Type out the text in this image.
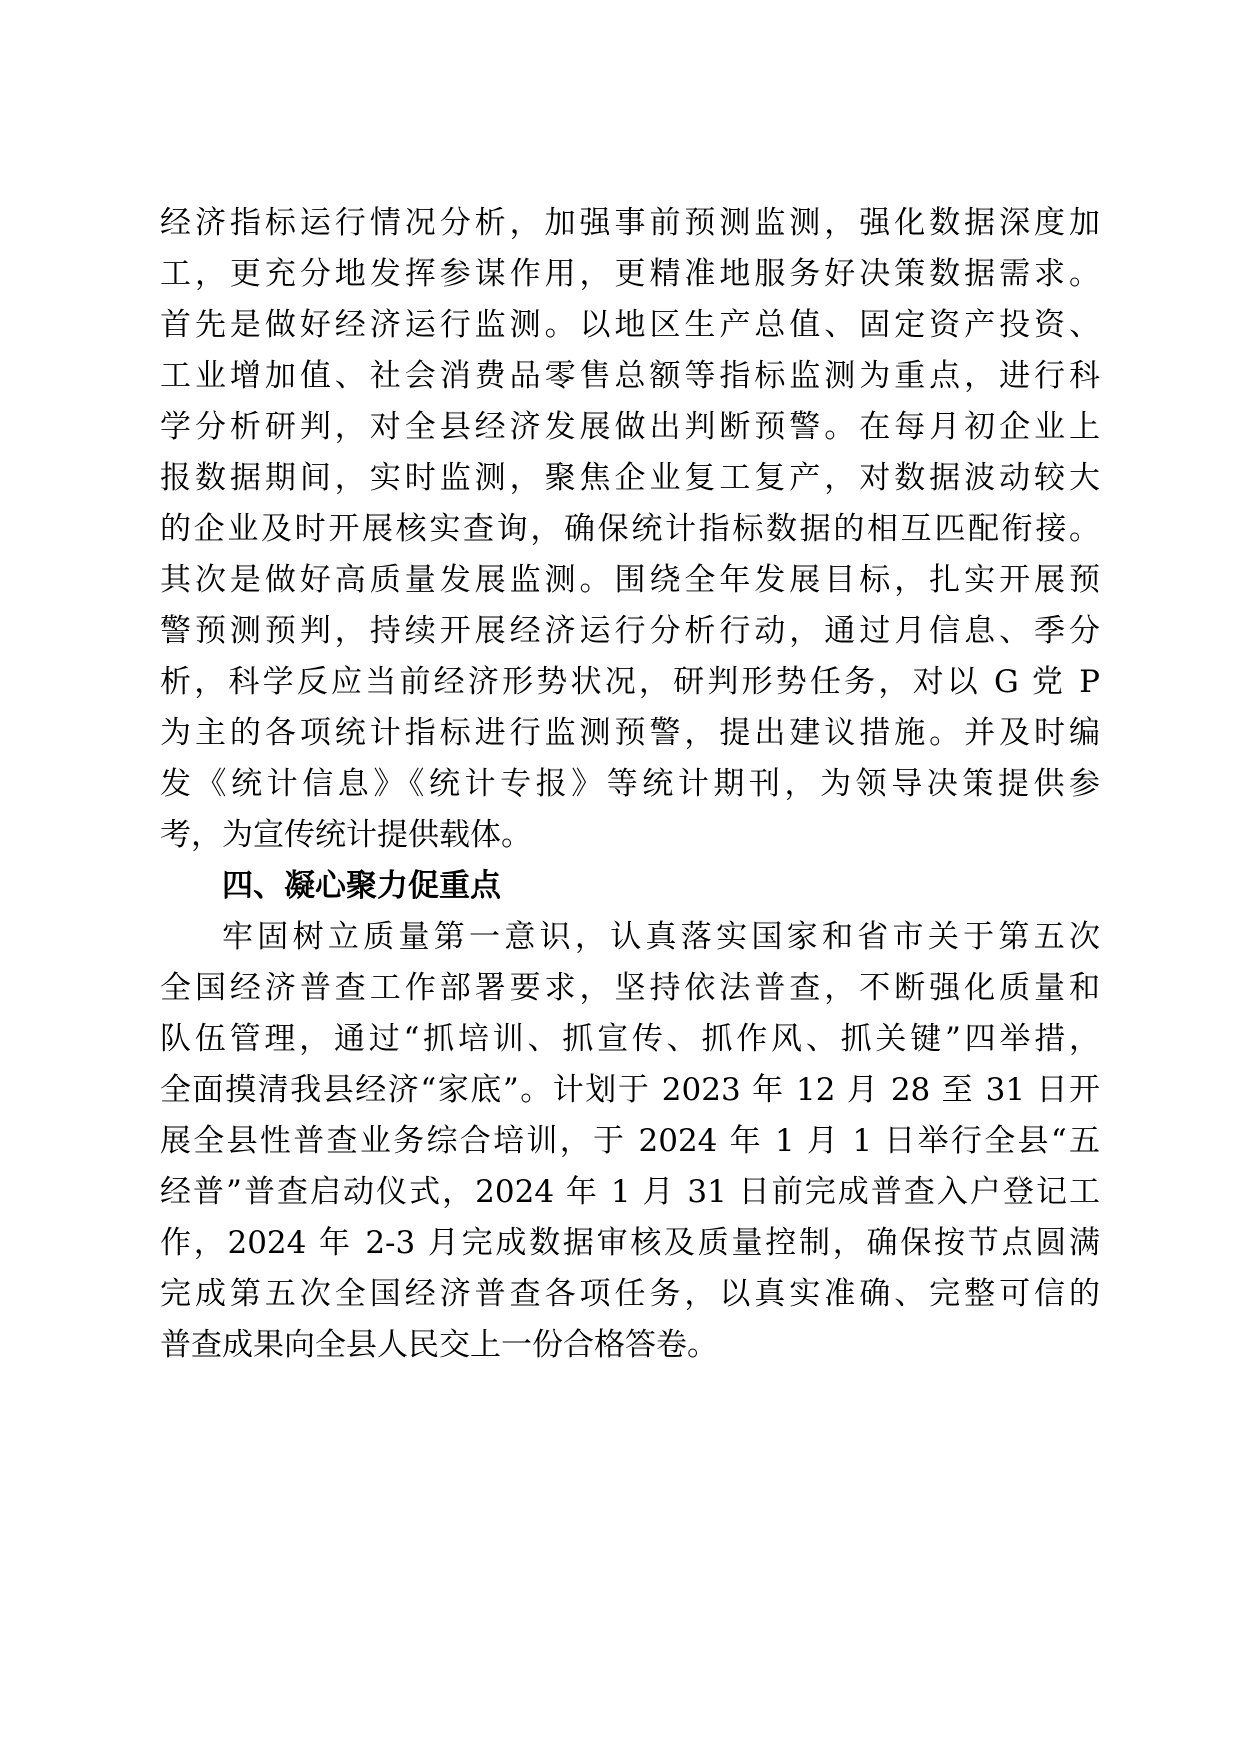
经济指标运行情况分析，加强事前预测监测，强化数据深度加
工，更充分地发挥参谋作用，更精准地服务好决策数据需求。
首先是做好经济运行监测。以地区生产总值、固定资产投资、
工业增加值、社会消费品零售总额等指标监测为重点，进行科
学分析研判，对全县经济发展做出判断预警。在每月初企业上
报数据期间，实时监测，聚焦企业复工复产，对数据波动较大
的企业及时开展核实查询，确保统计指标数据的相互匹配衔接。
其次是做好高质量发展监测。围绕全年发展目标，扎实开展预
警预测预判，持续开展经济运行分析行动，通过月信息、季分
析，科学反应当前经济形势状况，研判形势任务，对以 G 党 P
为主的各项统计指标进行监测预警，提出建议措施。并及时编
发《统计信息》《统计专报》等统计期刊，为领导决策提供参
考，为宣传统计提供载体。
四、凝心聚力促重点
牢固树立质量第一意识，认真落实国家和省市关于第五次
全国经济普查工作部署要求，坚持依法普查，不断强化质量和
队伍管理，通过“抓培训、抓宣传、抓作风、抓关键”四举措，
全面摸清我县经济“家底”。计划于 2023 年 12 月 28 至 31 日开
展全县性普查业务综合培训，于 2024 年 1 月 1 日举行全县“五
经普”普查启动仪式，2024 年 1 月 31 日前完成普查入户登记工
作，2024 年 2-3 月完成数据审核及质量控制，确保按节点圆满
完成第五次全国经济普查各项任务，以真实准确、完整可信的
普查成果向全县人民交上一份合格答卷。
